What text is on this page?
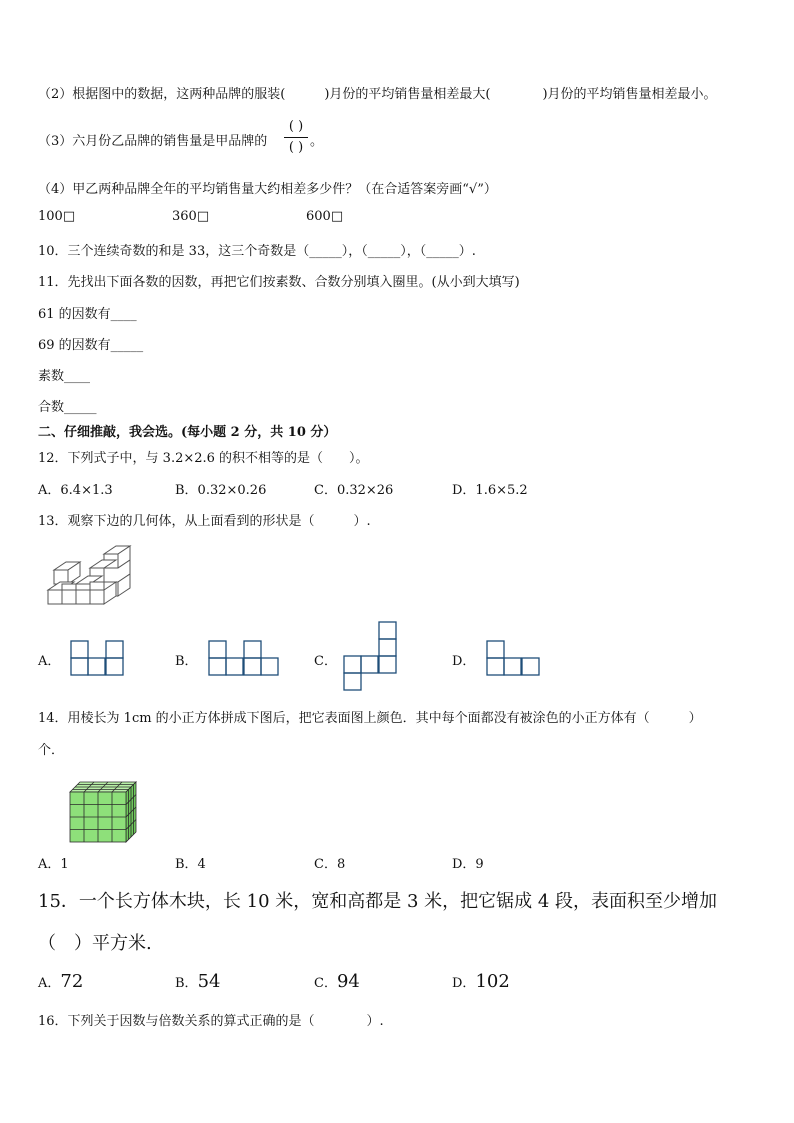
（2）根据图中的数据，这两种品牌的服装(　　　)月份的平均销售量相差最大(　　　　)月份的平均销售量相差最小。
（3）六月份乙品牌的销售量是甲品牌的
( )
( ) 。
（4）甲乙两种品牌全年的平均销售量大约相差多少件？（在合适答案旁画“√”）
100□	360□	600□
10．三个连续奇数的和是 33，这三个奇数是（_____），（_____），（_____）.
11．先找出下面各数的因数，再把它们按素数、合数分别填入圈里。(从小到大填写)
61 的因数有____
69 的因数有_____
素数____
合数_____
二、仔细推敲，我会选。(每小题 2 分，共 10 分）
12．下列式子中，与 3.2×2.6 的积不相等的是（　　）。
A．6.4×1.3	B．0.32×0.26	C．0.32×26	D．1.6×5.2
13．观察下边的几何体，从上面看到的形状是（　　　）.
A．	B．	C．	D．
14．用棱长为 1cm 的小正方体拼成下图后，把它表面图上颜色．其中每个面都没有被涂色的小正方体有（　　　）
个．
A．1	B．4	C．8	D．9
15．一个长方体木块，长 10 米，宽和高都是 3 米，把它锯成 4 段，表面积至少增加
（　）平方米.
A．72	B．54	C．94	D．102
16．下列关于因数与倍数关系的算式正确的是（　　　　）.
